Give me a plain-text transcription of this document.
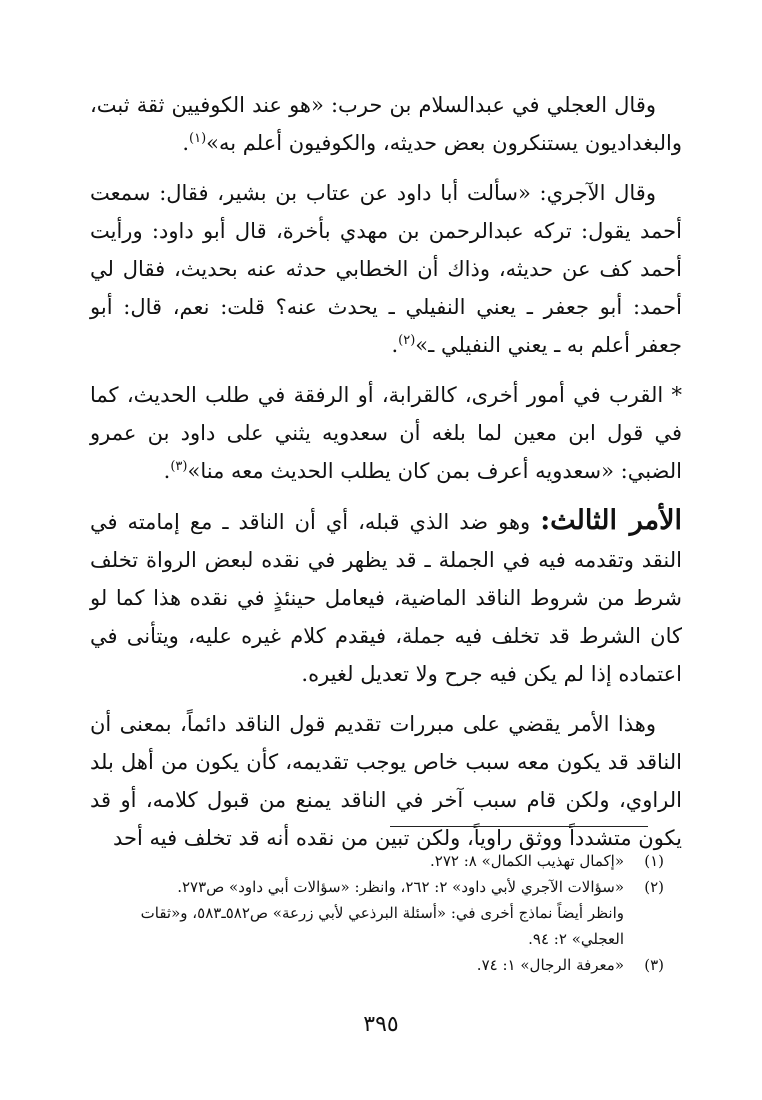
وقال العجلي في عبدالسلام بن حرب: «هو عند الكوفيين ثقة ثبت، والبغداديون يستنكرون بعض حديثه، والكوفيون أعلم به»$^{(١)}$.

وقال الآجري: «سألت أبا داود عن عتاب بن بشير، فقال: سمعت أحمد يقول: تركه عبدالرحمن بن مهدي بأخرة، قال أبو داود: ورأيت أحمد كف عن حديثه، وذاك أن الخطابي حدثه عنه بحديث، فقال لي أحمد: أبو جعفر ـ يعني النفيلي ـ يحدث عنه؟ قلت: نعم، قال: أبو جعفر أعلم به ـ يعني النفيلي ـ»$^{(٢)}$.

* القرب في أمور أخرى، كالقرابة، أو الرفقة في طلب الحديث، كما في قول ابن معين لما بلغه أن سعدويه يثني على داود بن عمرو الضبي: «سعدويه أعرف بمن كان يطلب الحديث معه منا»$^{(٣)}$.

الأمر الثالث: وهو ضد الذي قبله، أي أن الناقد ـ مع إمامته في النقد وتقدمه فيه في الجملة ـ قد يظهر في نقده لبعض الرواة تخلف شرط من شروط الناقد الماضية، فيعامل حينئذٍ في نقده هذا كما لو كان الشرط قد تخلف فيه جملة، فيقدم كلام غيره عليه، ويتأنى في اعتماده إذا لم يكن فيه جرح ولا تعديل لغيره.

وهذا الأمر يقضي على مبررات تقديم قول الناقد دائماً، بمعنى أن الناقد قد يكون معه سبب خاص يوجب تقديمه، كأن يكون من أهل بلد الراوي، ولكن قام سبب آخر في الناقد يمنع من قبول كلامه، أو قد يكون متشدداً ووثق راوياً، ولكن تبين من نقده أنه قد تخلف فيه أحد

(١)
«إكمال تهذيب الكمال» ٨: ٢٧٢.
(٢)
«سؤالات الآجري لأبي داود» ٢: ٢٦٢، وانظر: «سؤالات أبي داود» ص٢٧٣.
وانظر أيضاً نماذج أخرى في: «أسئلة البرذعي لأبي زرعة» ص٥٨٢ـ٥٨٣، و«ثقات العجلي» ٢: ٩٤.
(٣)
«معرفة الرجال» ١: ٧٤.
٣٩٥
